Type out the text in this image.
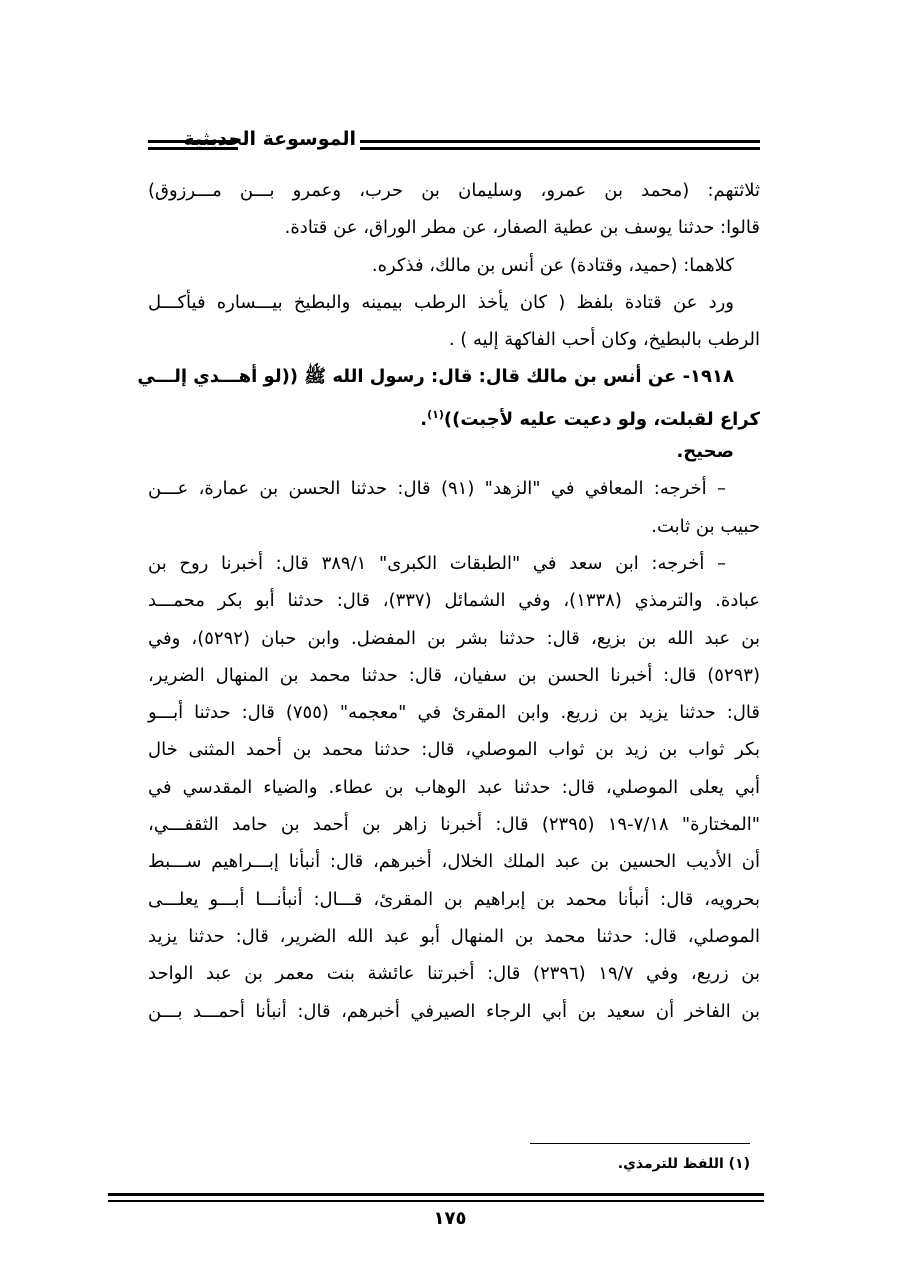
الموسوعة الحديثية
ثلاثتهم: (محمد بن عمرو، وسليمان بن حرب، وعمرو بـــن مـــرزوق)
قالوا: حدثنا يوسف بن عطية الصفار، عن مطر الوراق، عن قتادة.
كلاهما: (حميد، وقتادة) عن أنس بن مالك، فذكره.
ورد عن قتادة بلفظ ( كان يأخذ الرطب بيمينه والبطيخ بيـــساره فيأكـــل
الرطب بالبطيخ، وكان أحب الفاكهة إليه ) .
١٩١٨- عن أنس بن مالك قال: قال: رسول الله ﷺ ((لو أهـــدي إلـــي
كراع لقبلت، ولو دعيت عليه لأجبت))$^{(١)}$.
صحيح.
– أخرجه: المعافي في "الزهد" (٩١) قال: حدثنا الحسن بن عمارة، عـــن
حبيب بن ثابت.
– أخرجه: ابن سعد في "الطبقات الكبرى" ٣٨٩/١ قال: أخبرنا روح بن
عبادة. والترمذي (١٣٣٨)، وفي الشمائل (٣٣٧)، قال: حدثنا أبو بكر محمـــد
بن عبد الله بن بزيع، قال: حدثنا بشر بن المفضل. وابن حبان (٥٢٩٢)، وفي
(٥٢٩٣) قال: أخبرنا الحسن بن سفيان، قال: حدثنا محمد بن المنهال الضرير،
قال: حدثنا يزيد بن زريع. وابن المقرئ في "معجمه" (٧٥٥) قال: حدثنا أبـــو
بكر ثواب بن زيد بن ثواب الموصلي، قال: حدثنا محمد بن أحمد المثنى خال
أبي يعلى الموصلي، قال: حدثنا عبد الوهاب بن عطاء. والضياء المقدسي في
"المختارة" ٧/١٨-١٩ (٢٣٩٥) قال: أخبرنا زاهر بن أحمد بن حامد الثقفـــي،
أن الأديب الحسين بن عبد الملك الخلال، أخبرهم، قال: أنبأنا إبـــراهيم ســـبط
بحرويه، قال: أنبأنا محمد بن إبراهيم بن المقرئ، قـــال: أنبأنـــا أبـــو يعلـــى
الموصلي، قال: حدثنا محمد بن المنهال أبو عبد الله الضرير، قال: حدثنا يزيد
بن زريع، وفي ١٩/٧ (٢٣٩٦) قال: أخبرتنا عائشة بنت معمر بن عبد الواحد
بن الفاخر أن سعيد بن أبي الرجاء الصيرفي أخبرهم، قال: أنبأنا أحمـــد بـــن
(١) اللفظ للترمذي.
١٧٥
